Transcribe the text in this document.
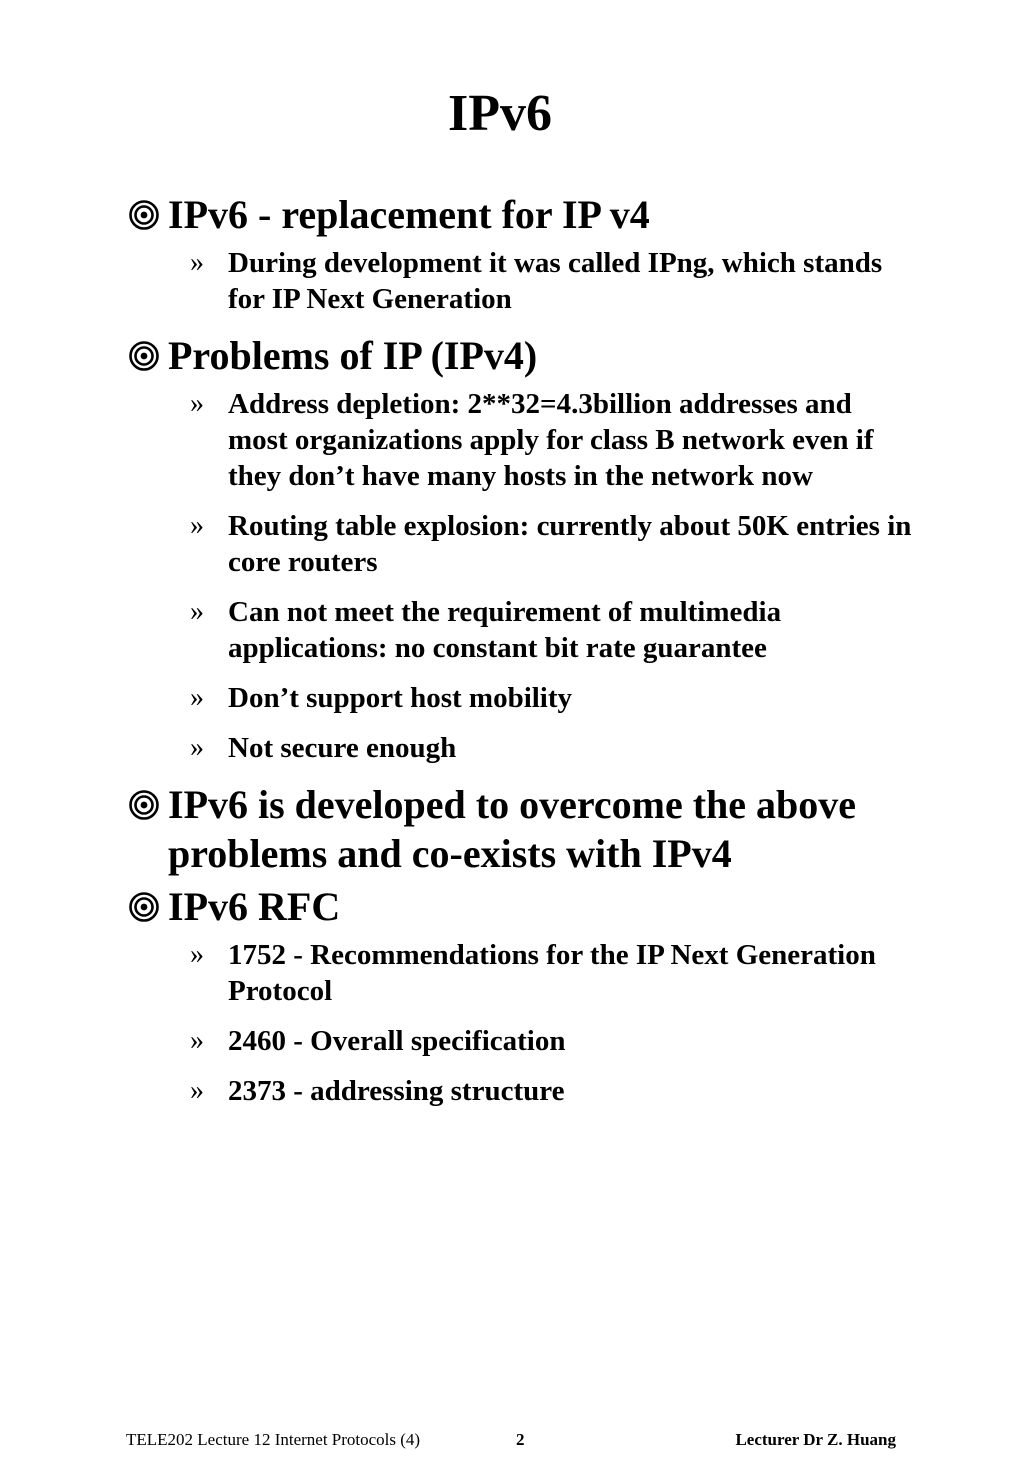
IPv6
IPv6 - replacement for IP v4
» During development it was called IPng, which stands for IP Next Generation
Problems of IP (IPv4)
» Address depletion: 2**32=4.3billion addresses and most organizations apply for class B network even if they don’t have many hosts in the network now
» Routing table explosion: currently about 50K entries in core routers
» Can not meet the requirement of multimedia applications: no constant bit rate guarantee
» Don’t support host mobility
» Not secure enough
IPv6 is developed to overcome the above problems and co-exists with IPv4
IPv6 RFC
» 1752 - Recommendations for the IP Next Generation Protocol
» 2460 - Overall specification
» 2373 - addressing structure
TELE202 Lecture 12 Internet Protocols (4)	2	Lecturer Dr Z. Huang
